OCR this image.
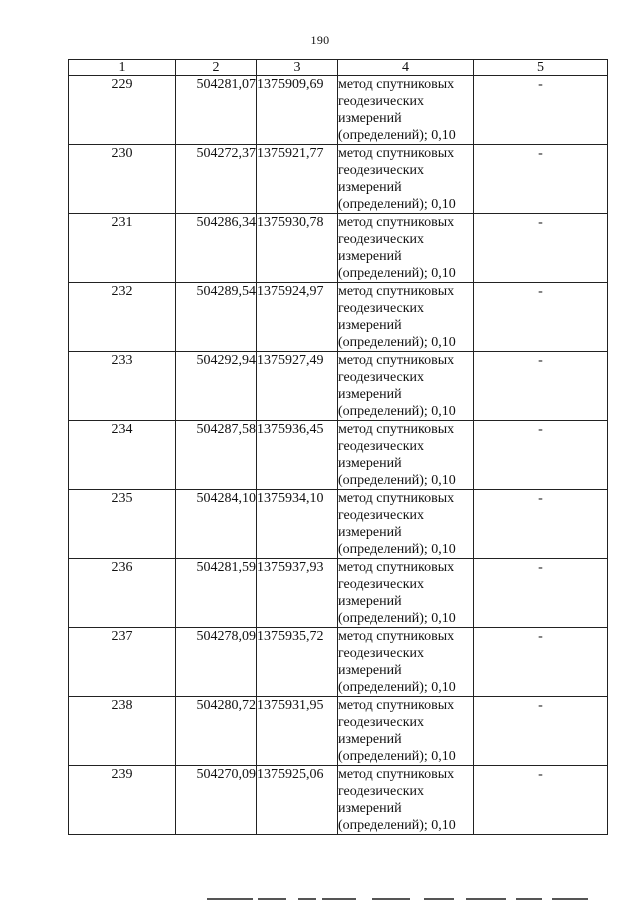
190
1	2	3	4	5
229	504281,07	1375909,69	метод спутниковых
геодезических
измерений
(определений); 0,10	-
230	504272,37	1375921,77	метод спутниковых
геодезических
измерений
(определений); 0,10	-
231	504286,34	1375930,78	метод спутниковых
геодезических
измерений
(определений); 0,10	-
232	504289,54	1375924,97	метод спутниковых
геодезических
измерений
(определений); 0,10	-
233	504292,94	1375927,49	метод спутниковых
геодезических
измерений
(определений); 0,10	-
234	504287,58	1375936,45	метод спутниковых
геодезических
измерений
(определений); 0,10	-
235	504284,10	1375934,10	метод спутниковых
геодезических
измерений
(определений); 0,10	-
236	504281,59	1375937,93	метод спутниковых
геодезических
измерений
(определений); 0,10	-
237	504278,09	1375935,72	метод спутниковых
геодезических
измерений
(определений); 0,10	-
238	504280,72	1375931,95	метод спутниковых
геодезических
измерений
(определений); 0,10	-
239	504270,09	1375925,06	метод спутниковых
геодезических
измерений
(определений); 0,10	-
